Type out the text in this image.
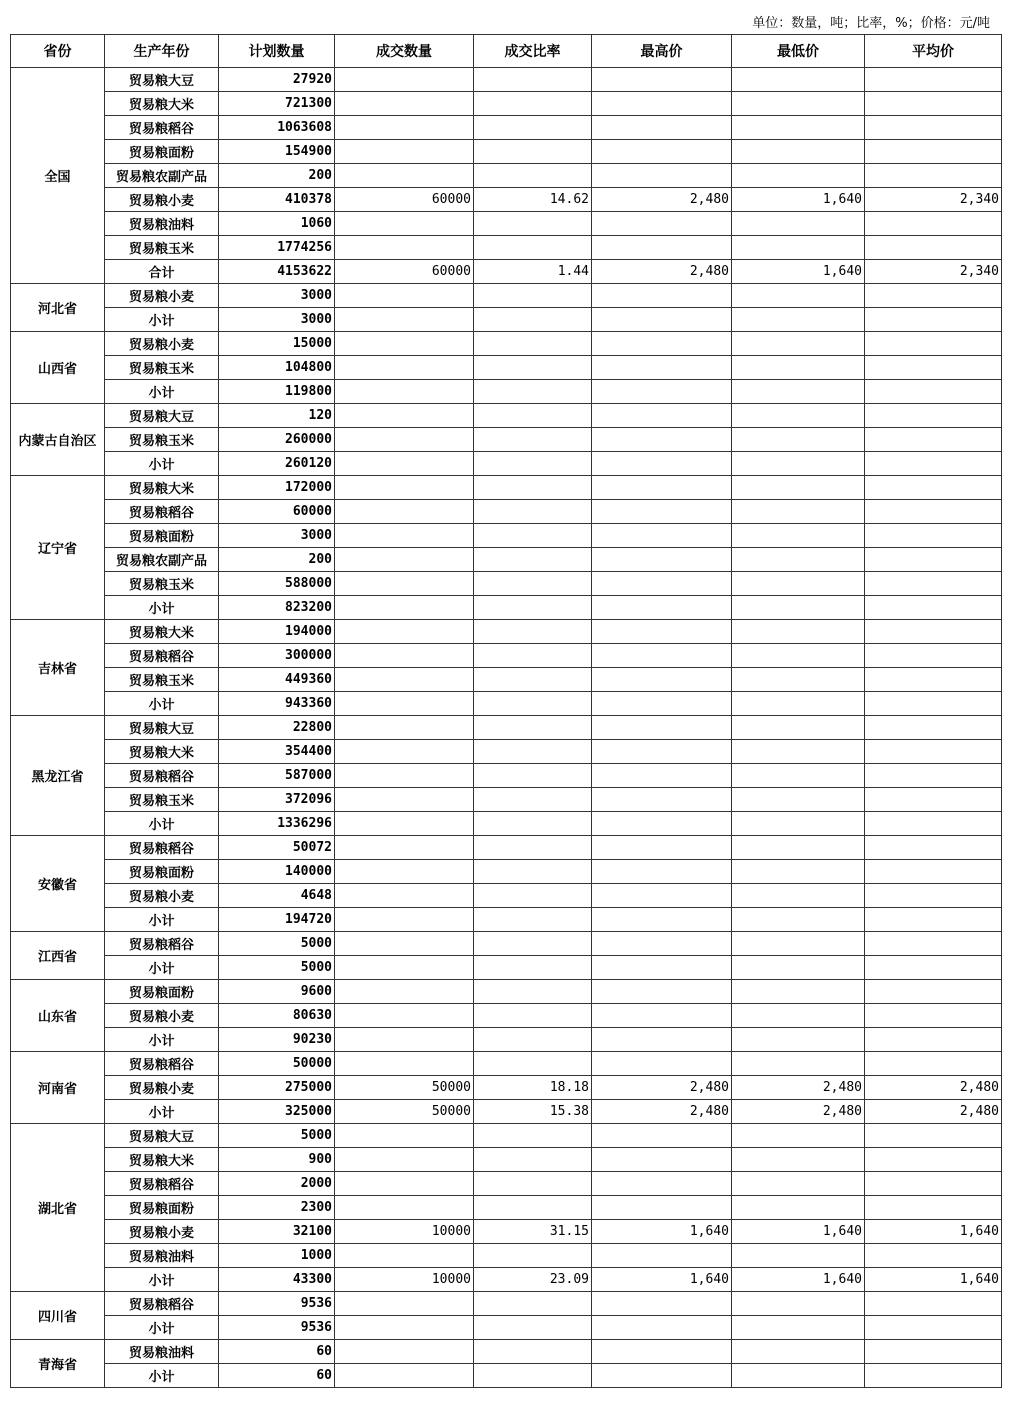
单位：数量，吨；比率，%；价格：元/吨
省份	生产年份	计划数量	成交数量	成交比率	最高价	最低价	平均价
全国	贸易粮大豆	27920					
	贸易粮大米	721300					
	贸易粮稻谷	1063608					
	贸易粮面粉	154900					
	贸易粮农副产品	200					
	贸易粮小麦	410378	60000	14.62	2,480	1,640	2,340
	贸易粮油料	1060					
	贸易粮玉米	1774256					
	合计	4153622	60000	1.44	2,480	1,640	2,340
河北省	贸易粮小麦	3000					
	小计	3000					
山西省	贸易粮小麦	15000					
	贸易粮玉米	104800					
	小计	119800					
内蒙古自治区	贸易粮大豆	120					
	贸易粮玉米	260000					
	小计	260120					
辽宁省	贸易粮大米	172000					
	贸易粮稻谷	60000					
	贸易粮面粉	3000					
	贸易粮农副产品	200					
	贸易粮玉米	588000					
	小计	823200					
吉林省	贸易粮大米	194000					
	贸易粮稻谷	300000					
	贸易粮玉米	449360					
	小计	943360					
黑龙江省	贸易粮大豆	22800					
	贸易粮大米	354400					
	贸易粮稻谷	587000					
	贸易粮玉米	372096					
	小计	1336296					
安徽省	贸易粮稻谷	50072					
	贸易粮面粉	140000					
	贸易粮小麦	4648					
	小计	194720					
江西省	贸易粮稻谷	5000					
	小计	5000					
山东省	贸易粮面粉	9600					
	贸易粮小麦	80630					
	小计	90230					
河南省	贸易粮稻谷	50000					
	贸易粮小麦	275000	50000	18.18	2,480	2,480	2,480
	小计	325000	50000	15.38	2,480	2,480	2,480
湖北省	贸易粮大豆	5000					
	贸易粮大米	900					
	贸易粮稻谷	2000					
	贸易粮面粉	2300					
	贸易粮小麦	32100	10000	31.15	1,640	1,640	1,640
	贸易粮油料	1000					
	小计	43300	10000	23.09	1,640	1,640	1,640
四川省	贸易粮稻谷	9536					
	小计	9536					
青海省	贸易粮油料	60					
	小计	60					
